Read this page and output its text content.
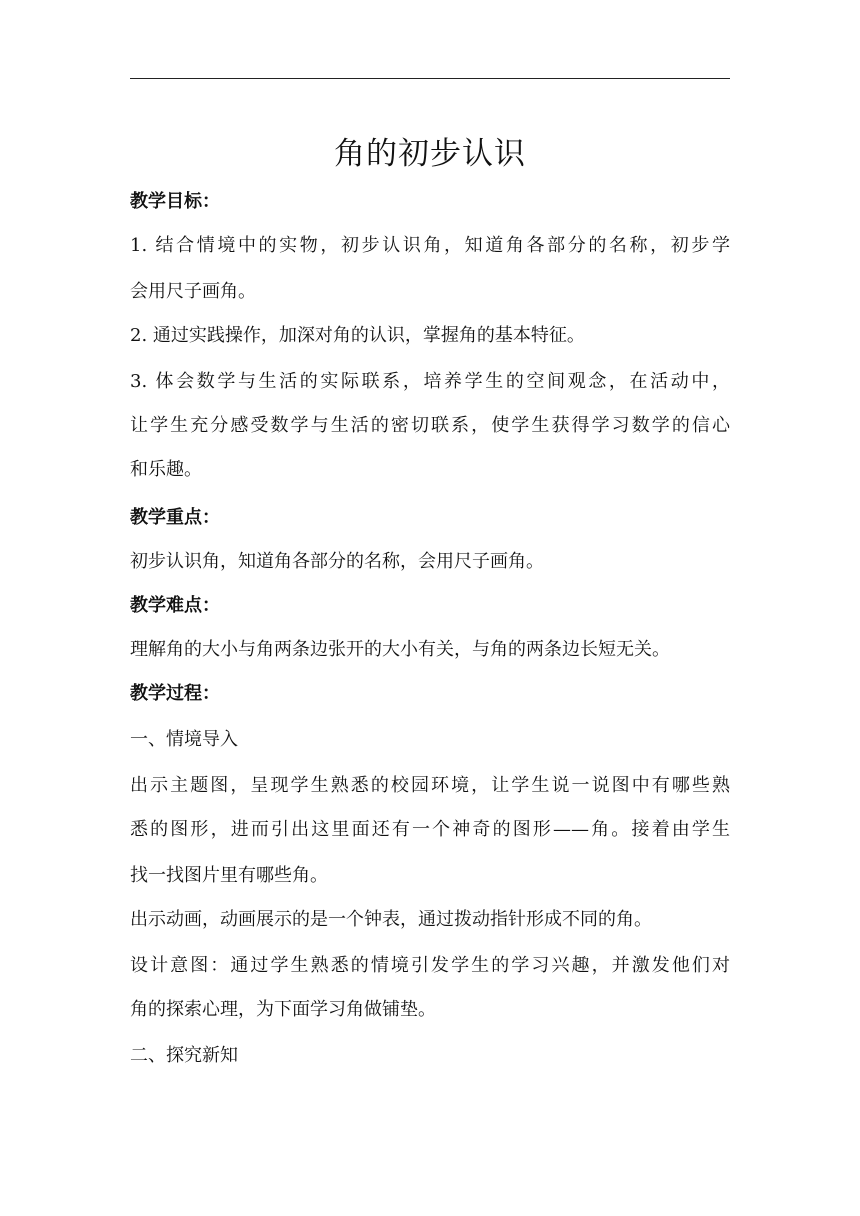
角的初步认识
教学目标：
1. 结合情境中的实物，初步认识角，知道角各部分的名称，初步学
会用尺子画角。
2. 通过实践操作，加深对角的认识，掌握角的基本特征。
3. 体会数学与生活的实际联系，培养学生的空间观念，在活动中，
让学生充分感受数学与生活的密切联系，使学生获得学习数学的信心
和乐趣。
教学重点：
初步认识角，知道角各部分的名称，会用尺子画角。
教学难点：
理解角的大小与角两条边张开的大小有关，与角的两条边长短无关。
教学过程：
一、情境导入
出示主题图，呈现学生熟悉的校园环境，让学生说一说图中有哪些熟
悉的图形，进而引出这里面还有一个神奇的图形——角。接着由学生
找一找图片里有哪些角。
出示动画，动画展示的是一个钟表，通过拨动指针形成不同的角。
设计意图：通过学生熟悉的情境引发学生的学习兴趣，并激发他们对
角的探索心理，为下面学习角做铺垫。
二、探究新知
